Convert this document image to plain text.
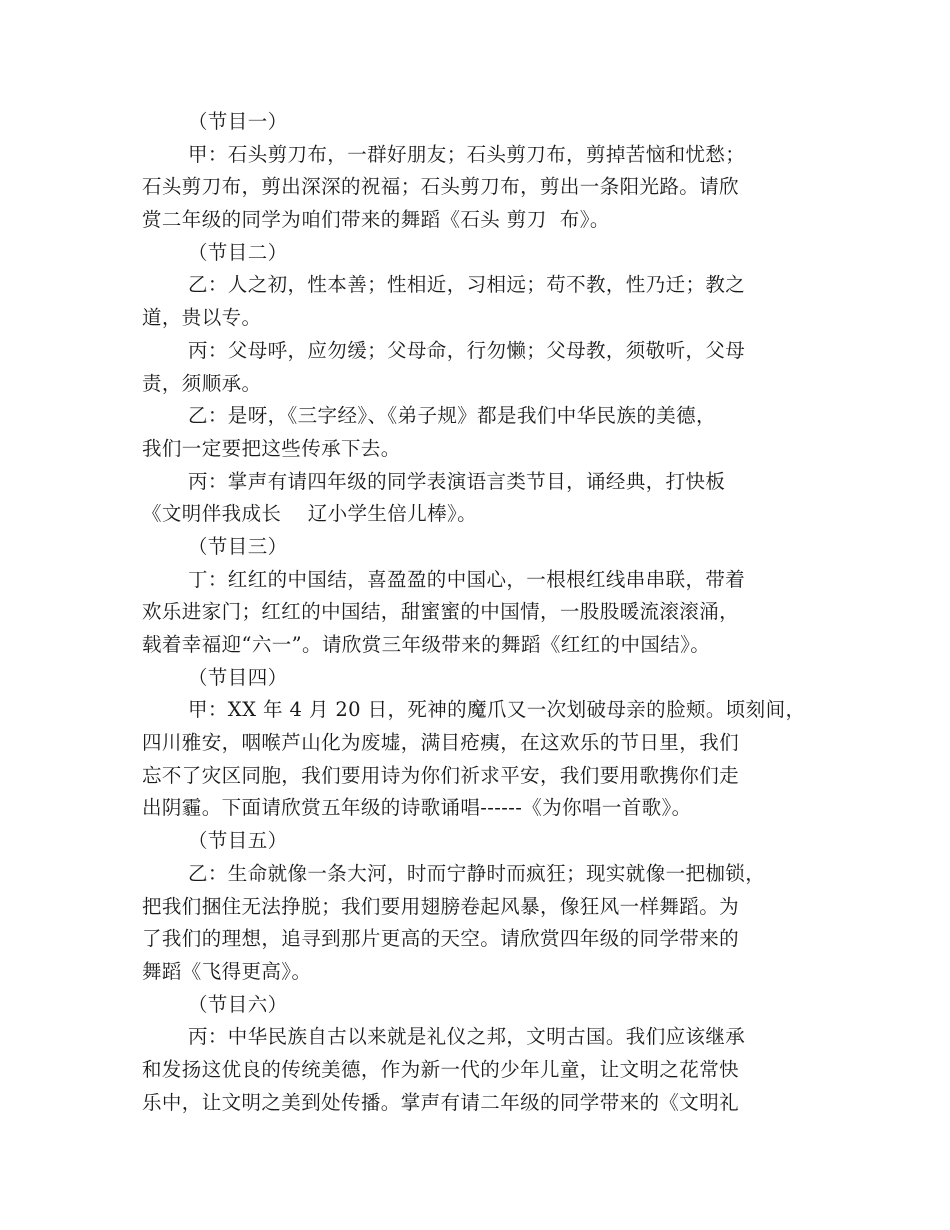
（节目一）
甲：石头剪刀布，一群好朋友；石头剪刀布，剪掉苦恼和忧愁；
石头剪刀布，剪出深深的祝福；石头剪刀布，剪出一条阳光路。请欣
赏二年级的同学为咱们带来的舞蹈《石头 剪刀  布》。
（节目二）
乙：人之初，性本善；性相近，习相远；苟不教，性乃迁；教之
道，贵以专。
丙：父母呼，应勿缓；父母命，行勿懒；父母教，须敬听，父母
责，须顺承。
乙：是呀，《三字经》、《弟子规》都是我们中华民族的美德，
我们一定要把这些传承下去。
丙：掌声有请四年级的同学表演语言类节目，诵经典，打快板
《文明伴我成长    辽小学生倍儿棒》。
（节目三）
丁：红红的中国结，喜盈盈的中国心，一根根红线串串联，带着
欢乐进家门；红红的中国结，甜蜜蜜的中国情，一股股暖流滚滚涌，
载着幸福迎“六一”。请欣赏三年级带来的舞蹈《红红的中国结》。
（节目四）
甲：XX 年 4 月 20 日，死神的魔爪又一次划破母亲的脸颊。顷刻间，
四川雅安，咽喉芦山化为废墟，满目疮痍，在这欢乐的节日里，我们
忘不了灾区同胞，我们要用诗为你们祈求平安，我们要用歌携你们走
出阴霾。下面请欣赏五年级的诗歌诵唱------《为你唱一首歌》。
（节目五）
乙：生命就像一条大河，时而宁静时而疯狂；现实就像一把枷锁，
把我们捆住无法挣脱；我们要用翅膀卷起风暴，像狂风一样舞蹈。为
了我们的理想，追寻到那片更高的天空。请欣赏四年级的同学带来的
舞蹈《飞得更高》。
（节目六）
丙：中华民族自古以来就是礼仪之邦，文明古国。我们应该继承
和发扬这优良的传统美德，作为新一代的少年儿童，让文明之花常快
乐中，让文明之美到处传播。掌声有请二年级的同学带来的《文明礼
